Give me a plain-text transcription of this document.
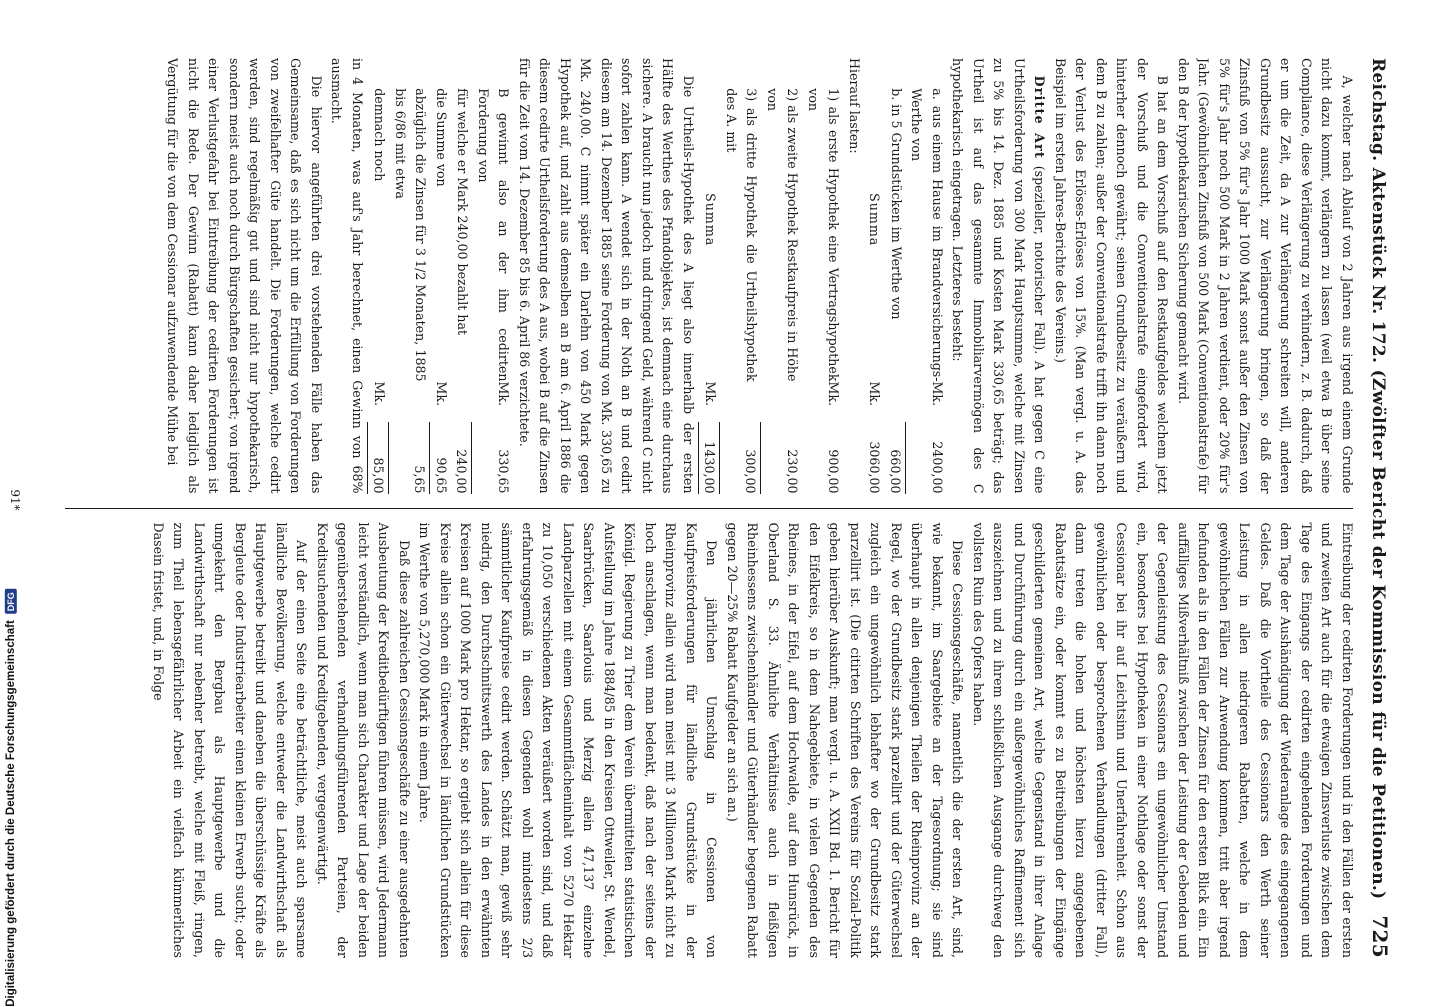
Reichstag. Aktenstück Nr. 172. (Zwölfter Bericht der Kommission für die Petitionen.)
725

A, welcher nach Ablauf von 2 Jahren aus irgend einem Grunde nicht dazu kommt, verlängern zu lassen (weil etwa B über seine Compliance, diese Verlängerung zu verhindern, z. B. dadurch, daß er um die Zeit, da A zur Verlängerung schreiten will, anderen Grundbesitz aussucht, zur Verlängerung bringen, so daß der Zinsfuß von 5% für's Jahr 1000 Mark sonst außer den Zinsen von 5% für's Jahr noch 500 Mark in 2 Jahren verdient, oder 20% für's Jahr. (Gewöhnlichen Zinsfuß von 500 Mark (Conventionalstrafe) für den B der hypothekarischen Sicherung gemacht wird.

B hat an dem Vorschuß auf den Restkaufgeldes welchem jetzt der Vorschuß und die Conventionalstrafe eingefordert wird, hinterher dennoch gewährt; seinen Grundbesitz zu veräußern und dem B zu zahlen; außer der Conventionalstrafe trifft ihn dann noch der Verlust des Erlöses-Erlöses von 15%. (Man vergl. u. A. das Beispiel im ersten Jahres-Berichte des Vereins.)

Dritte Art (spezieller, notorischer Fall). A hat gegen C eine Urtheilsforderung von 300 Mark Hauptsumme, welche mit Zinsen zu 5% bis 14. Dez. 1885 und Kosten Mark 330,65 beträgt; das Urtheil ist auf das gesammte Immobiliarvermögen des C hypothekarisch eingetragen. Letzteres besteht:

a. aus einem Hause im Brandversicherungs-Werthe von
Mk.
2400,00
b. in 5 Grundstücken im Werthe von
660,00
Summa
Mk.
3060,00

Hierauf lasten:

1) als erste Hypothek eine Vertragshypothek von
Mk.
900,00
2) als zweite Hypothek Restkaufpreis in Höhe von
230,00
3) als dritte Hypothek die Urtheilshypothek des A. mit
300,00
Summa
Mk.
1430,00

Die Urtheils-Hypothek des A liegt also innerhalb der ersten Hälfte des Werthes des Pfandobjektes, ist demnach eine durchaus sichere. A braucht nun jedoch und dringend Geld, während C nicht sofort zahlen kann. A wendet sich in der Noth an B und cedirt diesem am 14. Dezember 1885 seine Forderung von Mk. 330,65 zu Mk. 240,00. C nimmt später ein Darlehn von 450 Mark gegen Hypothek auf, und zahlt aus demselben an B am 6. April 1886 die diesem cedirte Urtheilsforderung des A aus, wobei B auf die Zinsen für die Zeit vom 14. Dezember 85 bis 6. April 86 verzichtete.

B gewinnt also an der ihm cedirten Forderung von
Mk.
330,65
für welche er Mark 240,00 bezahlt hat
240,00
die Summe von
Mk.
90,65
abzüglich die Zinsen für 3 1/2 Monaten, 1885 bis 6/86 mit etwa
5,65
demnach noch
Mk.
85,00

in 4 Monaten, was auf's Jahr berechnet, einen Gewinn von 68% ausmacht.

Die hiervor angeführten drei vorstehenden Fälle haben das Gemeinsame, daß es sich nicht um die Erfüllung von Forderungen von zweifelhafter Güte handelt. Die Forderungen, welche cedirt werden, sind regelmäßig gut und sind nicht nur hypothekarisch, sondern meist auch noch durch Bürgschaften gesichert; von irgend einer Verlustgefahr bei Eintreibung der cedirten Forderungen ist nicht die Rede. Der Gewinn (Rabatt) kann daher lediglich als Vergütung für die von dem Cessionar aufzuwendende Mühe bei

Eintreibung der cedirten Forderungen und in den Fällen der ersten und zweiten Art auch für die etwaigen Zinsverluste zwischen dem Tage des Eingangs der cedirten eingehenden Forderungen und dem Tage der Aushändigung der Wiederanlage des eingegangenen Geldes. Daß die Vortheile des Cessionars den Werth seiner Leistung in allen niedrigeren Rabatten, welche in dem gewöhnlichen Fällen zur Anwendung kommen, tritt aber irgend hefunden als in den Fällen der Zinsen für den ersten Blick ein. Ein auffälliges Mißverhältniß zwischen der Leistung der Gebenden und der Gegenleistung des Cessionars ein ungewöhnlicher Umstand ein, besonders bei Hypotheken in einer Nothlage oder sonst der Cessionar bei ihr auf Leichtsinn und Unerfahrenheit. Schon aus gewöhnlichen oder besprochenen Verhandlungen (dritter Fall), dann treten die hohen und höchsten hierzu angegebenen Rabattsätze ein, oder kommt es zu Beitreibungen der Eingänge geschilderten gemeinen Art, welche Gegenstand in ihrer Anlage und Durchführung durch ein außergewöhnliches Raffinement sich auszeichnen und zu ihrem schließlichen Ausgange durchweg den vollsten Ruin des Opfers haben.

Diese Cessionsgeschäfte, namentlich die der ersten Art, sind, wie bekannt, im Saargebiete an der Tagesordnung; sie sind überhaupt in allen denjenigen Theilen der Rheinprovinz an der Regel, wo der Grundbesitz stark parzellirt und der Güterwechsel zugleich ein ungewöhnlich lebhafter wo der Grundbesitz stark parzellirt ist. (Die citirten Schriften des Vereins für Sozial-Politik geben hierüber Auskunft; man vergl. u. A. XXII Bd. 1. Bericht für den Eifelkreis, so in dem Nahegebiete, in vielen Gegenden des Rheines, in der Eifel, auf dem Hochwalde, auf dem Hunsrück, in Oberland S. 33. Ähnliche Verhältnisse auch in fleißigen Rheinhessens zwischenhändler und Güterhändler begegnen Rabatt gegen 20—25% Rabatt Kaufgelder an sich an.)

Den jährlichen Umschlag in Cessionen von Kaufpreisforderungen für ländliche Grundstücke in der Rheinprovinz allein wird man meist mit 3 Millionen Mark nicht zu hoch anschlagen, wenn man bedenkt, daß nach der seitens der Königl. Regierung zu Trier dem Verein übermittelten statistischen Aufstellung im Jahre 1884/85 in den Kreisen Ottweiler, St. Wendel, Saarbrücken, Saarlouis und Merzig allein 47,137 einzelne Landparzellen mit einem Gesammtflächeninhalt von 5270 Hektar zu 10,050 verschiedenen Akten veräußert worden sind, und daß erfahrungsgemäß in diesen Gegenden wohl mindestens 2/3 sämmtlicher Kaufpreise cedirt werden. Schätzt man, gewiß sehr niedrig, den Durchschnittswerth des Landes in den erwähnten Kreisen auf 1000 Mark pro Hektar, so ergiebt sich allein für diese Kreise allein schon ein Güterwechsel in ländlichen Grundstücken im Werthe von 5,270,000 Mark in einem Jahre.

Daß diese zahlreichen Cessionsgeschäfte zu einer ausgedehnten Ausbeutung der Kreditbedürftigen führen müssen, wird Jedermann leicht verständlich, wenn man sich Charakter und Lage der beiden gegenüberstehenden verhandlungsführenden Parteien, der Kreditsuchenden und Kreditgebenden, vergegenwärtigt.

Auf der einen Seite eine beträchtliche, meist auch sparsame ländliche Bevölkerung, welche entweder die Landwirthschaft als Hauptgewerbe betreibt und daneben die überschüssige Kräfte als Bergleute oder Industriearbeiter einen kleinen Erwerb sucht; oder umgekehrt den Bergbau als Hauptgewerbe und die Landwirthschaft nur nebenher betreibt, welche mit Fleiß, ringen, zum Theil lebensgefährlicher Arbeit ein vielfach kümmerliches Dasein fristet, und, in Folge

91*
Digitalisierung gefördert durch die Deutsche Forschungsgemeinschaft
DFG
